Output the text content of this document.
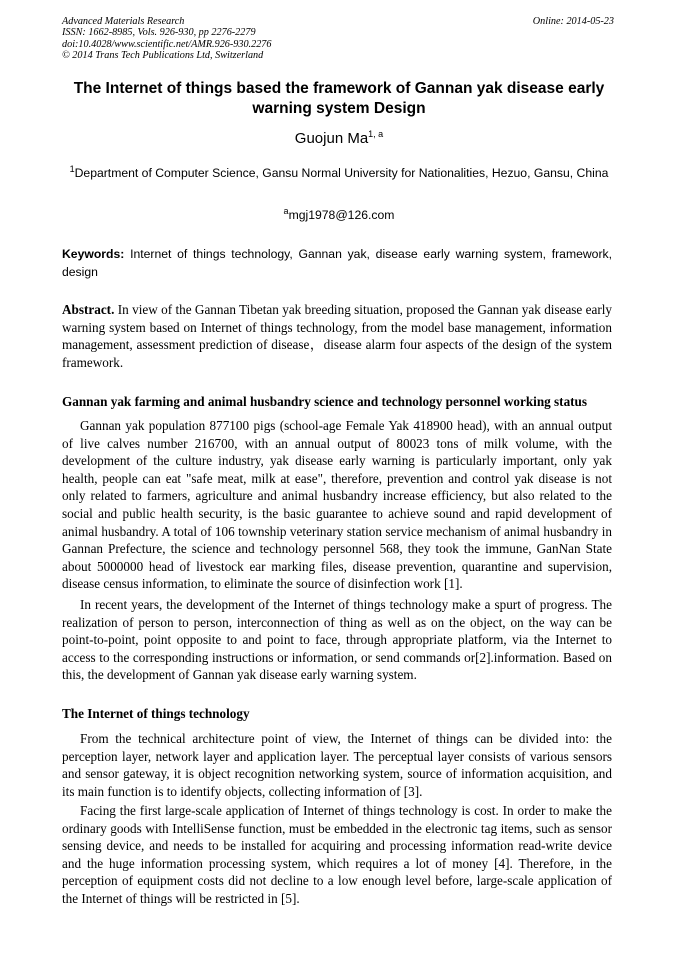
Advanced Materials Research
ISSN: 1662-8985, Vols. 926-930, pp 2276-2279
doi:10.4028/www.scientific.net/AMR.926-930.2276
© 2014 Trans Tech Publications Ltd, Switzerland
Online: 2014-05-23
The Internet of things based the framework of Gannan yak disease early warning system Design
Guojun Ma$^{1, a}$
$^1$Department of Computer Science, Gansu Normal University for Nationalities, Hezuo, Gansu, China
$^a$mgj1978@126.com
Keywords: Internet of things technology, Gannan yak, disease early warning system, framework, design
Abstract. In view of the Gannan Tibetan yak breeding situation, proposed the Gannan yak disease early warning system based on Internet of things technology, from the model base management, information management, assessment prediction of disease，disease alarm four aspects of the design of the system framework.
Gannan yak farming and animal husbandry science and technology personnel working status
Gannan yak population 877100 pigs (school-age Female Yak 418900 head), with an annual output of live calves number 216700, with an annual output of 80023 tons of milk volume, with the development of the culture industry, yak disease early warning is particularly important, only yak health, people can eat "safe meat, milk at ease", therefore, prevention and control yak disease is not only related to farmers, agriculture and animal husbandry increase efficiency, but also related to the social and public health security, is the basic guarantee to achieve sound and rapid development of animal husbandry. A total of 106 township veterinary station service mechanism of animal husbandry in Gannan Prefecture, the science and technology personnel 568, they took the immune, GanNan State about 5000000 head of livestock ear marking files, disease prevention, quarantine and supervision, disease census information, to eliminate the source of disinfection work [1].
In recent years, the development of the Internet of things technology make a spurt of progress. The realization of person to person, interconnection of thing as well as on the object, on the way can be point-to-point, point opposite to and point to face, through appropriate platform, via the Internet to access to the corresponding instructions or information, or send commands or[2].information. Based on this, the development of Gannan yak disease early warning system.
The Internet of things technology
From the technical architecture point of view, the Internet of things can be divided into: the perception layer, network layer and application layer. The perceptual layer consists of various sensors and sensor gateway, it is object recognition networking system, source of information acquisition, and its main function is to identify objects, collecting information of [3].
Facing the first large-scale application of Internet of things technology is cost. In order to make the ordinary goods with IntelliSense function, must be embedded in the electronic tag items, such as sensor sensing device, and needs to be installed for acquiring and processing information read-write device and the huge information processing system, which requires a lot of money [4]. Therefore, in the perception of equipment costs did not decline to a low enough level before, large-scale application of the Internet of things will be restricted in [5].
